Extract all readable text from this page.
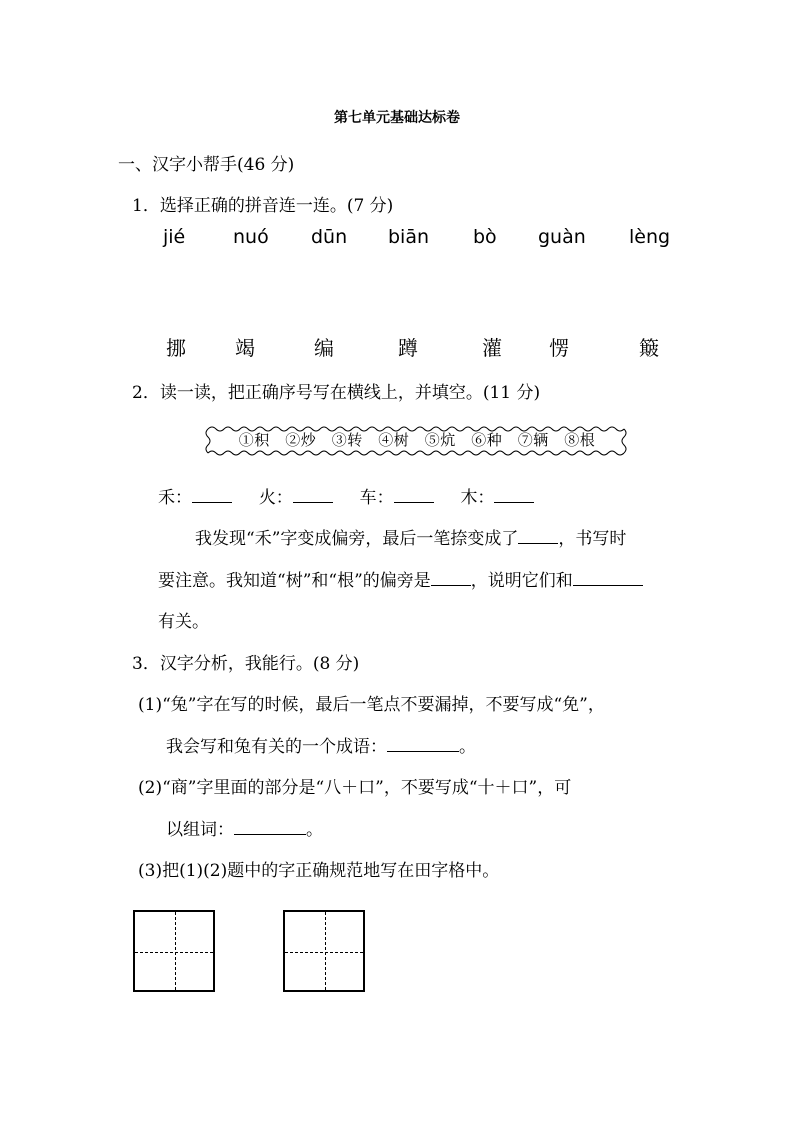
第七单元基础达标卷
一、汉字小帮手(46 分)
1．选择正确的拼音连一连。(7 分)
jié	nuó dūn biān bò guàn lèng
挪 竭	编	蹲	灌 愣	簸
2．读一读，把正确序号写在横线上，并填空。(11 分)
①积　②炒　③转　④树　⑤炕　⑥种　⑦辆　⑧根
禾：	火：	车：	木：
我发现“禾”字变成偏旁，最后一笔捺变成了 ，书写时
要注意。我知道“树”和“根”的偏旁是 ，说明它们和
有关。
3．汉字分析，我能行。(8 分)
(1)“兔”字在写的时候，最后一笔点不要漏掉，不要写成“免”，
我会写和兔有关的一个成语：	。
(2)“商”字里面的部分是“八＋口”，不要写成“十＋口”，可
以组词：	。
(3)把(1)(2)题中的字正确规范地写在田字格中。
